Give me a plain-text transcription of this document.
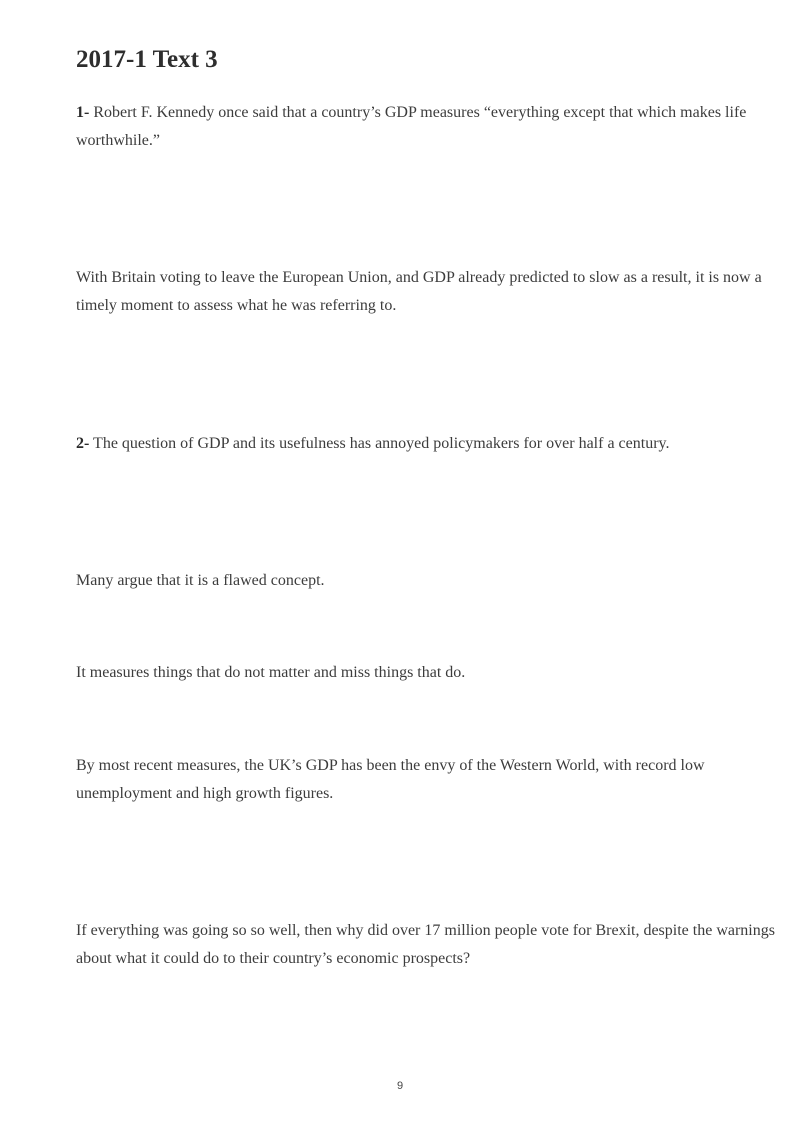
2017-1 Text 3

1- Robert F. Kennedy once said that a country’s GDP measures “everything except that which makes life worthwhile.”

With Britain voting to leave the European Union, and GDP already predicted to slow as a result, it is now a timely moment to assess what he was referring to.

2- The question of GDP and its usefulness has annoyed policymakers for over half a century.

Many argue that it is a flawed concept.

It measures things that do not matter and miss things that do.

By most recent measures, the UK’s GDP has been the envy of the Western World, with record low unemployment and high growth figures.

If everything was going so so well, then why did over 17 million people vote for Brexit, despite the warnings about what it could do to their country’s economic prospects?

9
